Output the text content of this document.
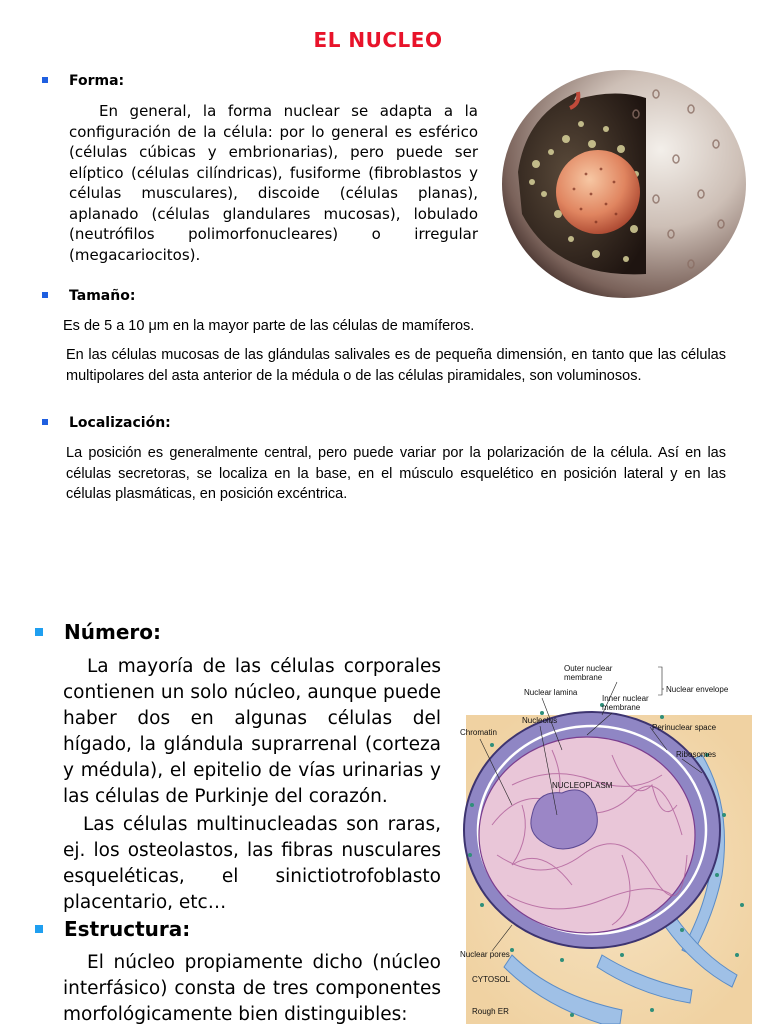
EL NUCLEO
Forma:
En general, la forma nuclear se adapta a la configuración de la célula: por lo general es esférico (células cúbicas y embrionarias), pero puede ser elíptico (células cilíndricas), fusiforme (fibroblastos y células musculares), discoide (células planas), aplanado (células glandulares mucosas), lobulado (neutrófilos polimorfonucleares) o irregular (megacariocitos).
Tamaño:
Es de 5 a 10 μm en la mayor parte de las células de mamíferos.
En las células mucosas de las glándulas salivales es de pequeña dimensión, en tanto que las células multipolares del asta anterior de la médula o de las células piramidales, son voluminosos.
Localización:
La posición es generalmente central, pero puede variar por la polarización de la célula. Así en las células secretoras, se localiza en la base, en el músculo esquelético en posición lateral y en las células plasmáticas, en posición excéntrica.
Número:
La mayoría de las células corporales contienen un solo núcleo, aunque puede haber dos en algunas células del hígado, la glándula suprarrenal (corteza y médula), el epitelio de vías urinarias y las células de Purkinje del corazón.
Las células multinucleadas son raras, ej. los osteolastos, las fibras nusculares esqueléticas, el sinictiotrofoblasto placentario, etc…
Estructura:
El núcleo propiamente dicho (núcleo interfásico) consta de tres componentes morfológicamente bien distinguibles:
Outer nuclear
membrane
Nuclear lamina
Inner nuclear
membrane
Nuclear envelope
Nucleolus
Perinuclear space
Chromatin
Ribosomes
NUCLEOPLASM
Nuclear pores
CYTOSOL
Rough ER
